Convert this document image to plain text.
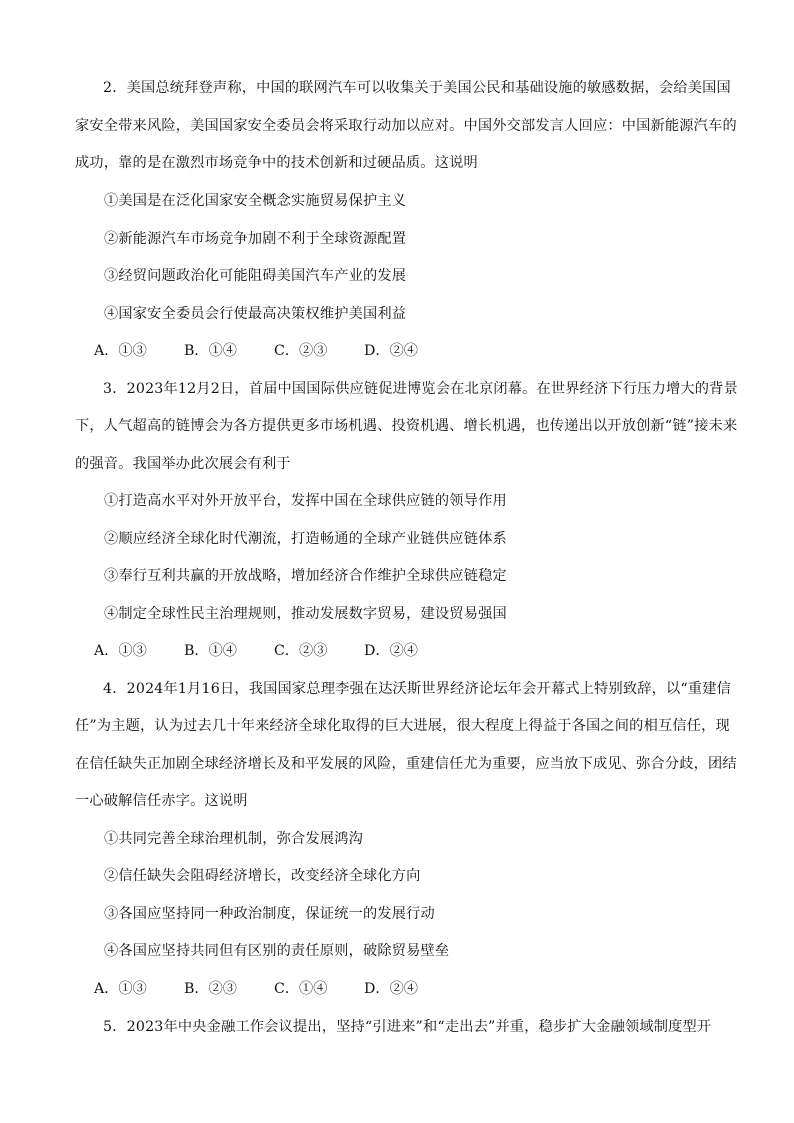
2．美国总统拜登声称，中国的联网汽车可以收集关于美国公民和基础设施的敏感数据，会给美国国
家安全带来风险，美国国家安全委员会将采取行动加以应对。中国外交部发言人回应：中国新能源汽车的
成功，靠的是在激烈市场竞争中的技术创新和过硬品质。这说明
①美国是在泛化国家安全概念实施贸易保护主义
②新能源汽车市场竞争加剧不利于全球资源配置
③经贸问题政治化可能阻碍美国汽车产业的发展
④国家安全委员会行使最高决策权维护美国利益
A．①③	B．①④	C．②③	D．②④
3．2023年12月2日，首届中国国际供应链促进博览会在北京闭幕。在世界经济下行压力增大的背景
下，人气超高的链博会为各方提供更多市场机遇、投资机遇、增长机遇，也传递出以开放创新“链”接未来
的强音。我国举办此次展会有利于
①打造高水平对外开放平台，发挥中国在全球供应链的领导作用
②顺应经济全球化时代潮流，打造畅通的全球产业链供应链体系
③奉行互利共赢的开放战略，增加经济合作维护全球供应链稳定
④制定全球性民主治理规则，推动发展数字贸易，建设贸易强国
A．①③	B．①④	C．②③	D．②④
4．2024年1月16日，我国国家总理李强在达沃斯世界经济论坛年会开幕式上特别致辞，以“重建信
任”为主题，认为过去几十年来经济全球化取得的巨大进展，很大程度上得益于各国之间的相互信任，现
在信任缺失正加剧全球经济增长及和平发展的风险，重建信任尤为重要，应当放下成见、弥合分歧，团结
一心破解信任赤字。这说明
①共同完善全球治理机制，弥合发展鸿沟
②信任缺失会阻碍经济增长，改变经济全球化方向
③各国应坚持同一种政治制度，保证统一的发展行动
④各国应坚持共同但有区别的责任原则，破除贸易壁垒
A．①③	B．②③	C．①④	D．②④
5．2023年中央金融工作会议提出，坚持“引进来”和“走出去”并重，稳步扩大金融领域制度型开
